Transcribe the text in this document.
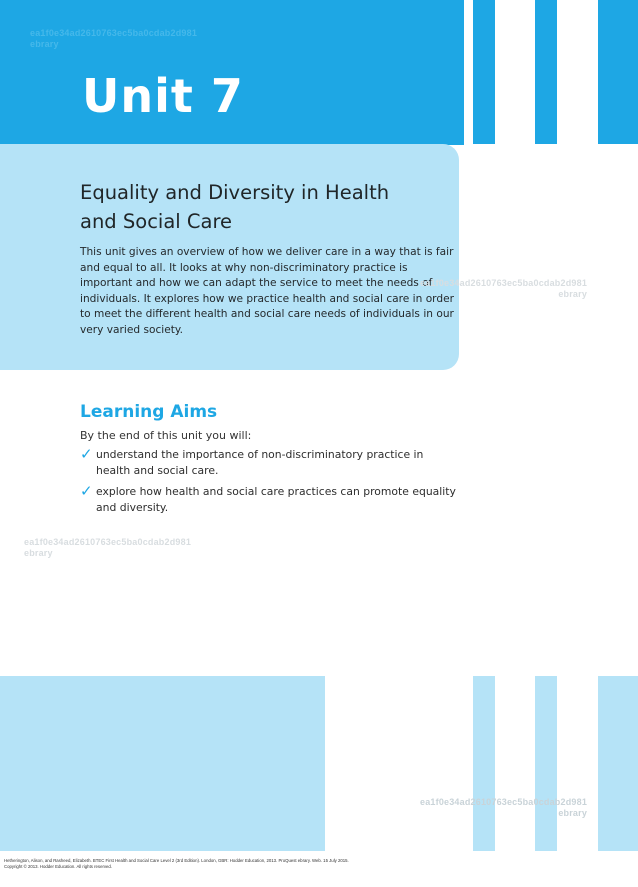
ea1f0e34ad2610763ec5ba0cdab2d981
ebrary
Unit 7
Equality and Diversity in Health
and Social Care

This unit gives an overview of how we deliver care in a way that is fair and equal to all. It looks at why non-discriminatory practice is important and how we can adapt the service to meet the needs of individuals. It explores how we practice health and social care in order to meet the different health and social care needs of individuals in our very varied society.

ea1f0e34ad2610763ec5ba0cdab2d981
ebrary
Learning Aims

By the end of this unit you will:

✓ understand the importance of non-discriminatory practice in health and social care.
✓ explore how health and social care practices can promote equality and diversity.
ea1f0e34ad2610763ec5ba0cdab2d981
ebrary
ea1f0e34ad2610763ec5ba0cdab2d981
ebrary
Hetherington, Alison, and Rasheed, Elizabeth. BTEC First Health and Social Care Level 2 (3rd Edition). London, GBR: Hodder Education, 2013. ProQuest ebrary. Web. 15 July 2015.
Copyright © 2013. Hodder Education. All rights reserved.
